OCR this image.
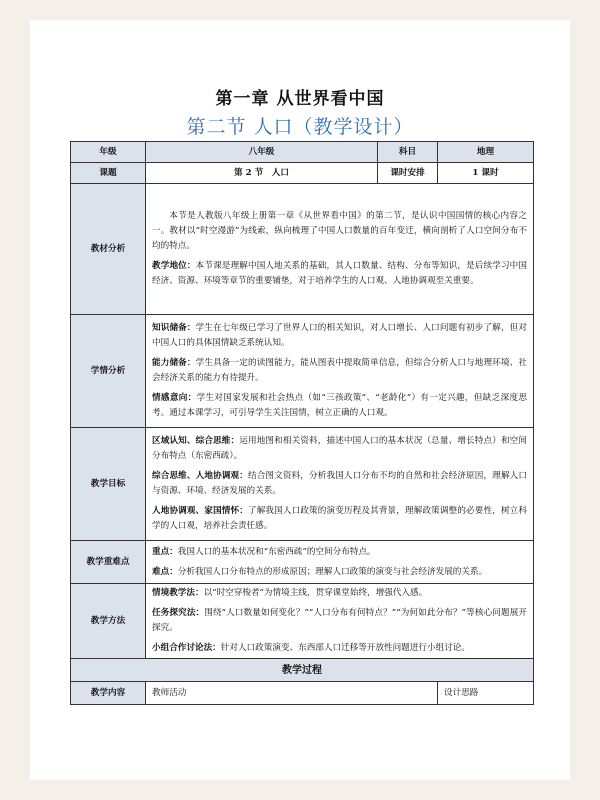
第一章 从世界看中国
第二节 人口（教学设计）
年级	八年级	科目	地理
课题	第 2 节　人口	课时安排	1 课时
教材分析	本节是人教版八年级上册第一章《从世界看中国》的第二节，是认识中国国情的核心内容之一。教材以“时空漫游”为线索，纵向梳理了中国人口数量的百年变迁，横向剖析了人口空间分布不均的特点。

教学地位：本节课是理解中国人地关系的基础，其人口数量、结构、分布等知识，是后续学习中国经济、资源、环境等章节的重要铺垫，对于培养学生的人口观、人地协调观至关重要。		

学情分析	知识储备：学生在七年级已学习了世界人口的相关知识，对人口增长、人口问题有初步了解，但对中国人口的具体国情缺乏系统认知。

能力储备：学生具备一定的读图能力，能从图表中提取简单信息，但综合分析人口与地理环境、社会经济关系的能力有待提升。

情感意向：学生对国家发展和社会热点（如“三孩政策”、“老龄化”）有一定兴趣，但缺乏深度思考。通过本课学习，可引导学生关注国情，树立正确的人口观。		

教学目标	区域认知、综合思维：运用地图和相关资料，描述中国人口的基本状况（总量、增长特点）和空间分布特点（东密西疏）。

综合思维、人地协调观：结合图文资料，分析我国人口分布不均的自然和社会经济原因，理解人口与资源、环境、经济发展的关系。

人地协调观、家国情怀：了解我国人口政策的演变历程及其背景，理解政策调整的必要性，树立科学的人口观，培养社会责任感。		

教学重难点	重点：我国人口的基本状况和“东密西疏”的空间分布特点。

难点：分析我国人口分布特点的形成原因；理解人口政策的演变与社会经济发展的关系。		

教学方法	情境教学法：以“时空穿梭者”为情境主线，贯穿课堂始终，增强代入感。

任务探究法：围绕“人口数量如何变化？”“人口分布有何特点？”“为何如此分布？”等核心问题展开探究。

小组合作讨论法：针对人口政策演变、东西部人口迁移等开放性问题进行小组讨论。		

教学过程			
教学内容	教师活动		设计思路
